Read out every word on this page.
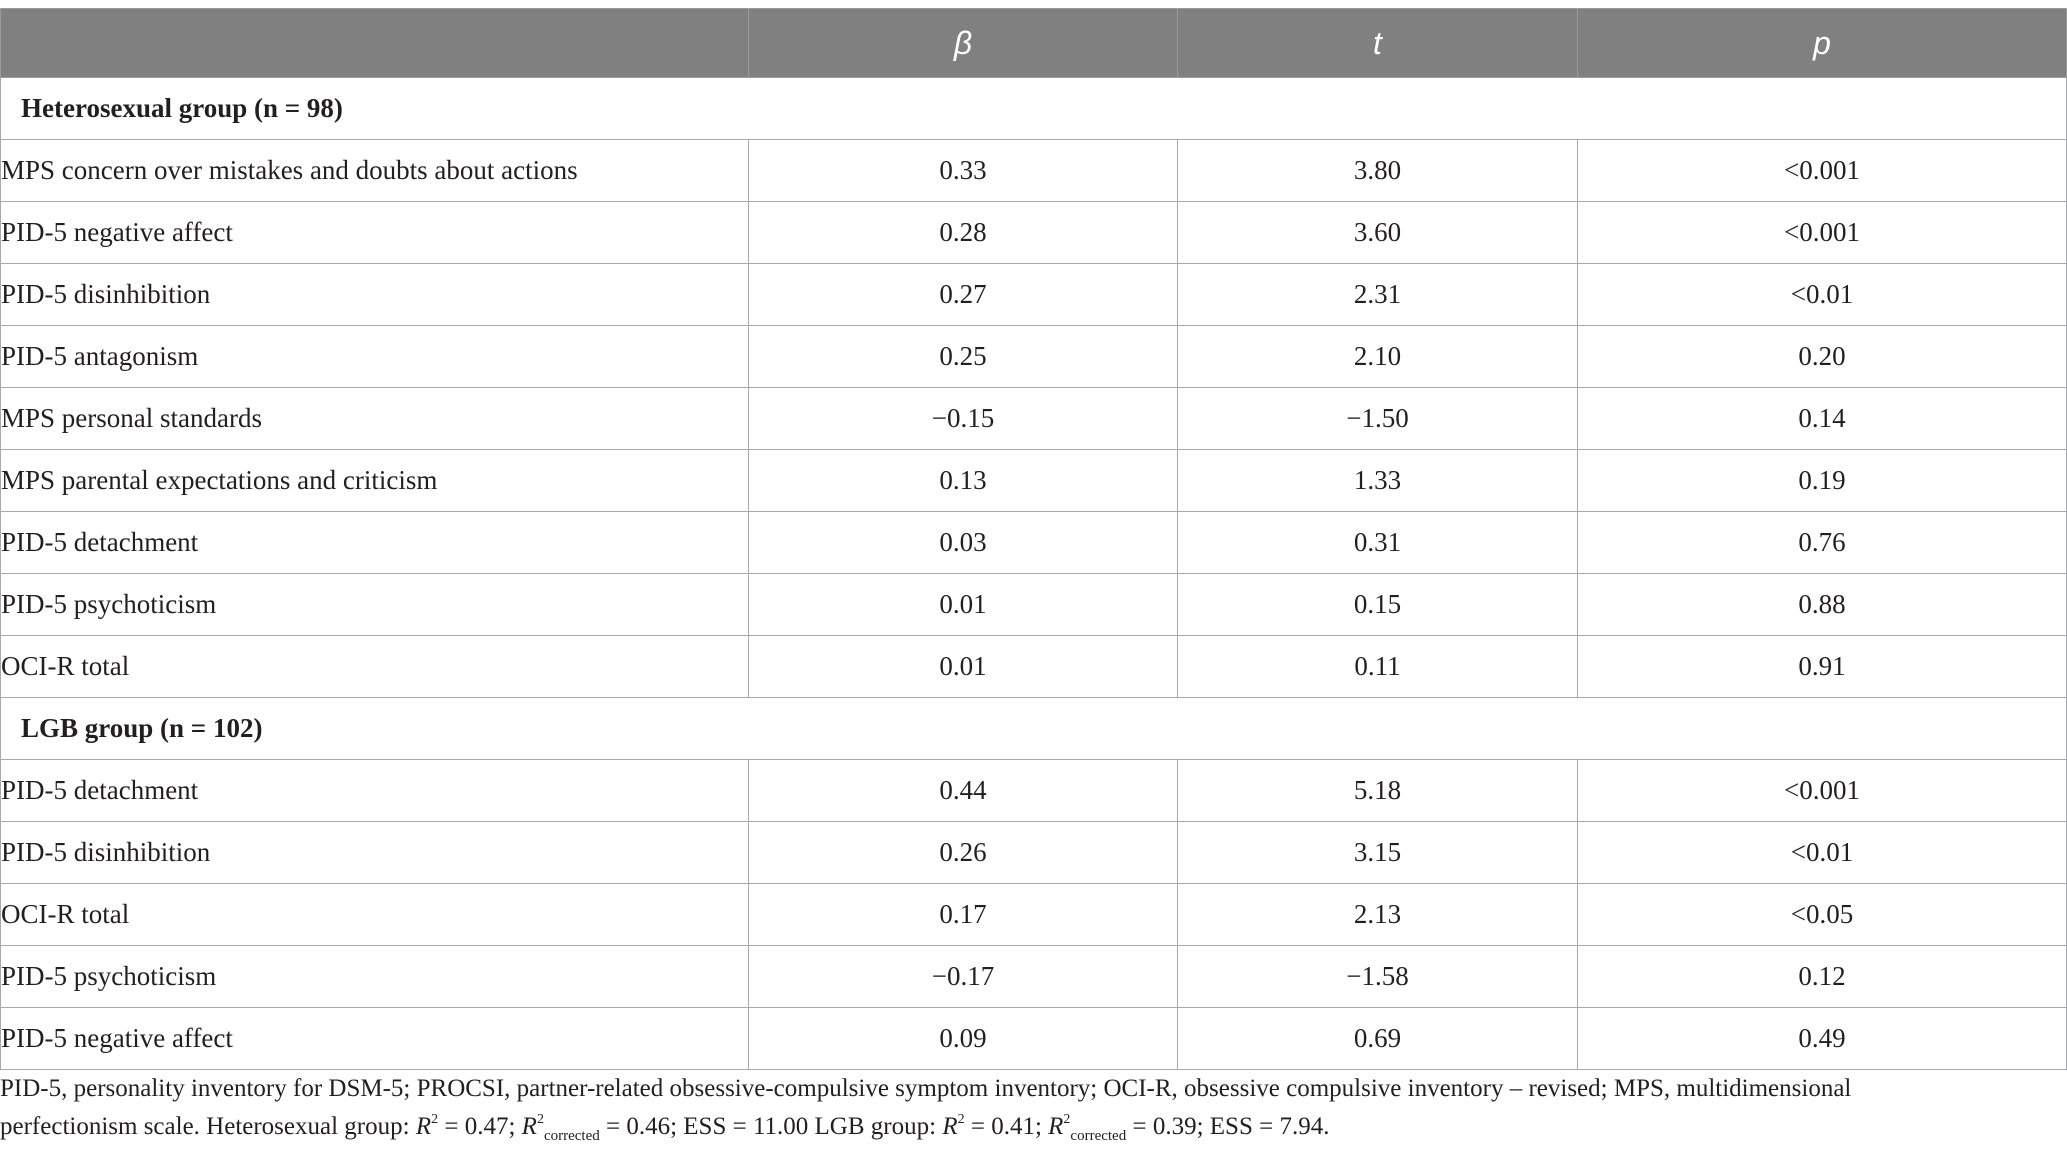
	β	t	p
Heterosexual group (n = 98)			
MPS concern over mistakes and doubts about actions	0.33	3.80	<0.001
PID-5 negative affect	0.28	3.60	<0.001
PID-5 disinhibition	0.27	2.31	<0.01
PID-5 antagonism	0.25	2.10	0.20
MPS personal standards	−0.15	−1.50	0.14
MPS parental expectations and criticism	0.13	1.33	0.19
PID-5 detachment	0.03	0.31	0.76
PID-5 psychoticism	0.01	0.15	0.88
OCI-R total	0.01	0.11	0.91
LGB group (n = 102)			
PID-5 detachment	0.44	5.18	<0.001
PID-5 disinhibition	0.26	3.15	<0.01
OCI-R total	0.17	2.13	<0.05
PID-5 psychoticism	−0.17	−1.58	0.12
PID-5 negative affect	0.09	0.69	0.49
PID-5, personality inventory for DSM-5; PROCSI, partner-related obsessive-compulsive symptom inventory; OCI-R, obsessive compulsive inventory – revised; MPS, multidimensional
perfectionism scale. Heterosexual group: $R^2 = 0.47$; $R^2_{corrected} = 0.46$; ESS = 11.00 LGB group: $R^2 = 0.41$; $R^2_{corrected} = 0.39$; ESS = 7.94.
